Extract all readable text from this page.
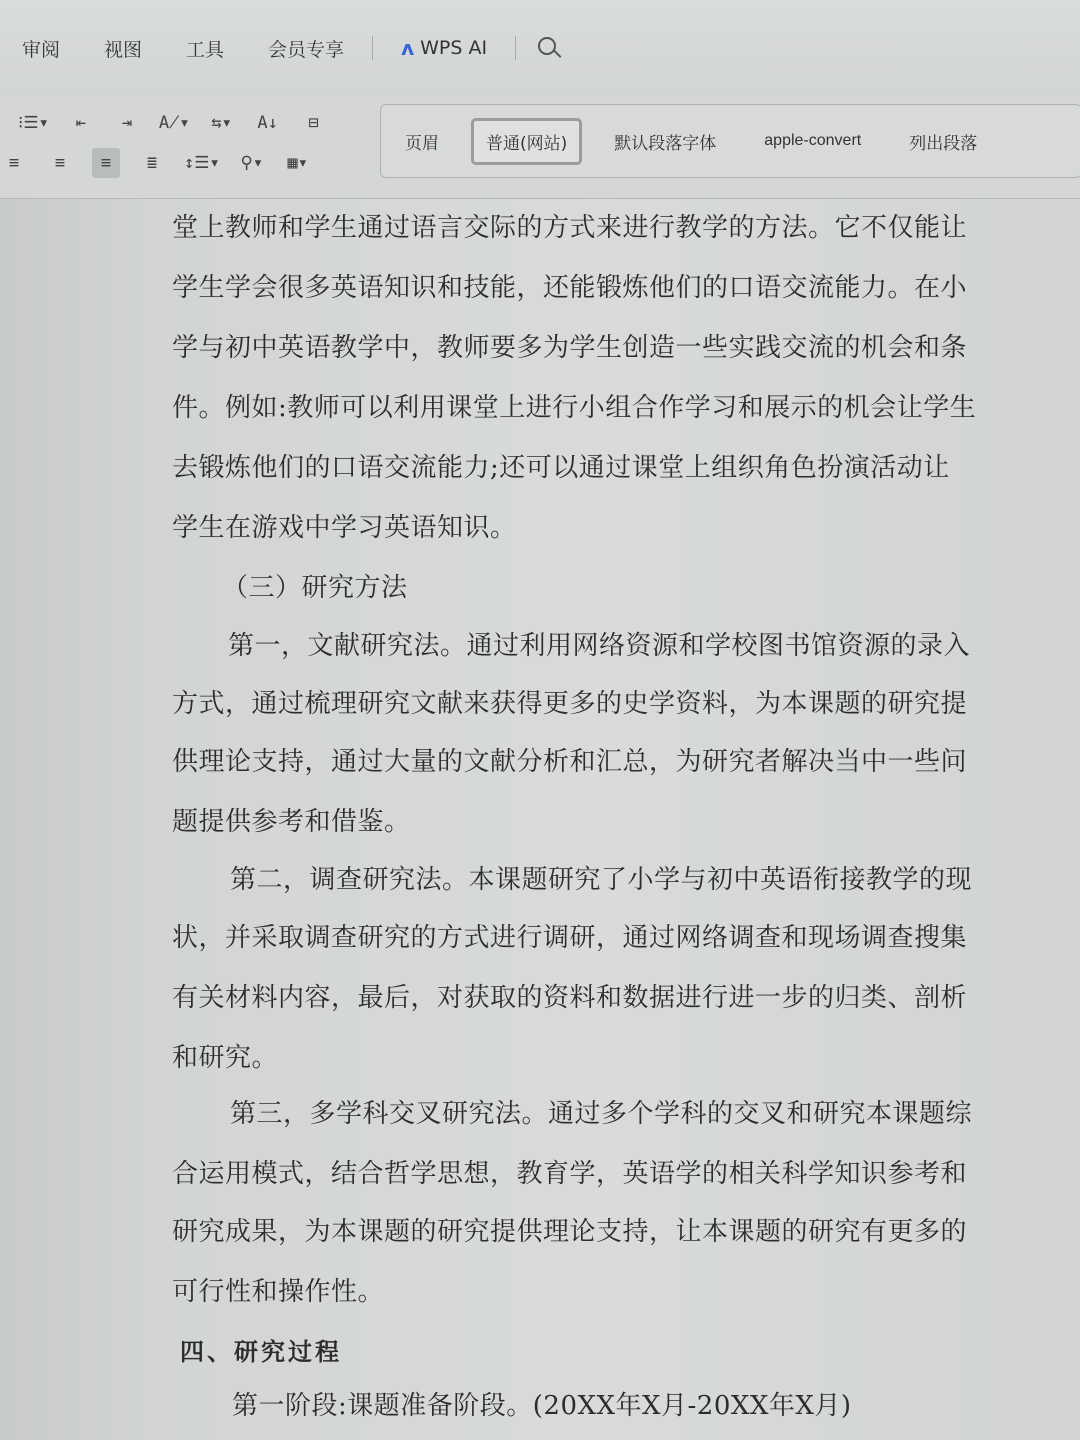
审阅	视图	工具	会员专享	ʌ WPS AI
⁝☰▾	⇤	⇥	A̸▾ ⇆▾ A↓	⊟
≡	≡	≡	≣	↕☰▾ ⚲▾ ▦▾
页眉	普通(网站)	默认段落字体	apple-convert	列出段落
堂上教师和学生通过语言交际的方式来进行教学的方法。它不仅能让
学生学会很多英语知识和技能，还能锻炼他们的口语交流能力。在小
学与初中英语教学中，教师要多为学生创造一些实践交流的机会和条
件。例如:教师可以利用课堂上进行小组合作学习和展示的机会让学生
去锻炼他们的口语交流能力;还可以通过课堂上组织角色扮演活动让
学生在游戏中学习英语知识。
（三）研究方法
第一，文献研究法。通过利用网络资源和学校图书馆资源的录入
方式，通过梳理研究文献来获得更多的史学资料，为本课题的研究提
供理论支持，通过大量的文献分析和汇总，为研究者解决当中一些问
题提供参考和借鉴。
第二，调查研究法。本课题研究了小学与初中英语衔接教学的现
状，并采取调查研究的方式进行调研，通过网络调查和现场调查搜集
有关材料内容，最后，对获取的资料和数据进行进一步的归类、剖析
和研究。
第三，多学科交叉研究法。通过多个学科的交叉和研究本课题综
合运用模式，结合哲学思想，教育学，英语学的相关科学知识参考和
研究成果，为本课题的研究提供理论支持，让本课题的研究有更多的
可行性和操作性。
四、研究过程
第一阶段:课题准备阶段。(20XX年X月-20XX年X月)
